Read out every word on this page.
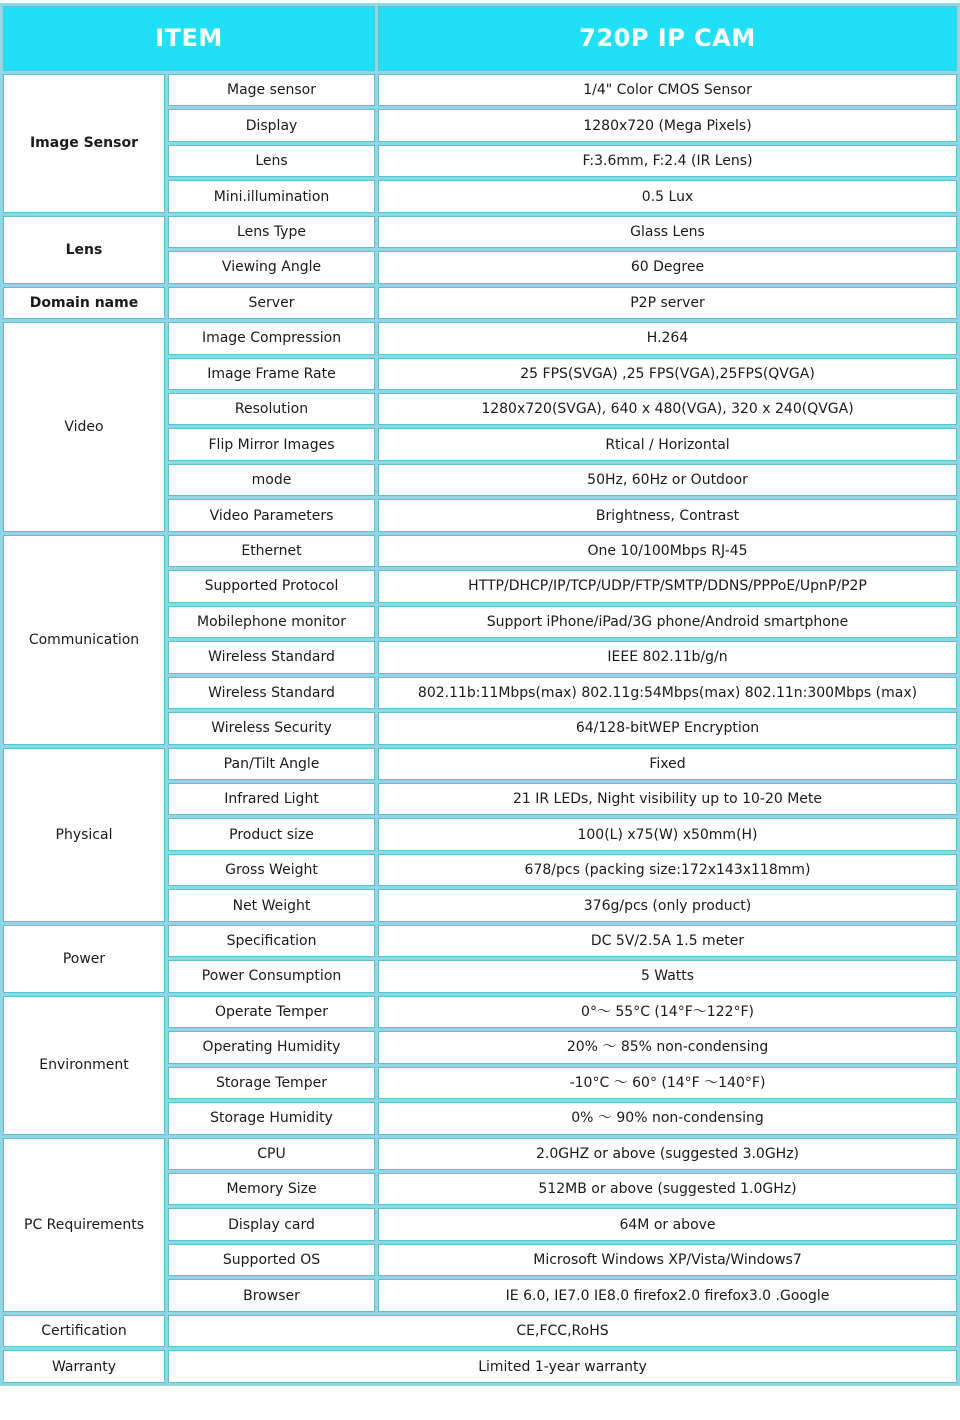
ITEM		720P IP CAM
Image Sensor	Mage sensor	1/4" Color CMOS Sensor
	Display	1280x720 (Mega Pixels)
	Lens	F:3.6mm, F:2.4 (IR Lens)
	Mini.illumination	0.5 Lux
Lens	Lens Type	Glass Lens
	Viewing Angle	60 Degree
Domain name	Server	P2P server
Video	Image Compression	H.264
	Image Frame Rate	25 FPS(SVGA) ,25 FPS(VGA),25FPS(QVGA)
	Resolution	1280x720(SVGA), 640 x 480(VGA), 320 x 240(QVGA)
	Flip Mirror Images	Rtical / Horizontal
	mode	50Hz, 60Hz or Outdoor
	Video Parameters	Brightness, Contrast
Communication	Ethernet	One 10/100Mbps RJ-45
	Supported Protocol	HTTP/DHCP/IP/TCP/UDP/FTP/SMTP/DDNS/PPPoE/UpnP/P2P
	Mobilephone monitor	Support iPhone/iPad/3G phone/Android smartphone
	Wireless Standard	IEEE 802.11b/g/n
	Wireless Standard	802.11b:11Mbps(max) 802.11g:54Mbps(max) 802.11n:300Mbps (max)
	Wireless Security	64/128-bitWEP Encryption
Physical	Pan/Tilt Angle	Fixed
	Infrared Light	21 IR LEDs, Night visibility up to 10-20 Mete
	Product size	100(L) x75(W) x50mm(H)
	Gross Weight	678/pcs (packing size:172x143x118mm)
	Net Weight	376g/pcs (only product)
Power	Specification	DC 5V/2.5A 1.5 meter
	Power Consumption	5 Watts
Environment	Operate Temper	0°～ 55°C (14°F～122°F)
	Operating Humidity	20% ～ 85% non-condensing
	Storage Temper	-10°C ～ 60° (14°F ～140°F)
	Storage Humidity	0% ～ 90% non-condensing
PC Requirements	CPU	2.0GHZ or above (suggested 3.0GHz)
	Memory Size	512MB or above (suggested 1.0GHz)
	Display card	64M or above
	Supported OS	Microsoft Windows XP/Vista/Windows7
	Browser	IE 6.0, IE7.0 IE8.0 firefox2.0 firefox3.0 .Google
Certification	CE,FCC,RoHS	
Warranty	Limited 1-year warranty	
